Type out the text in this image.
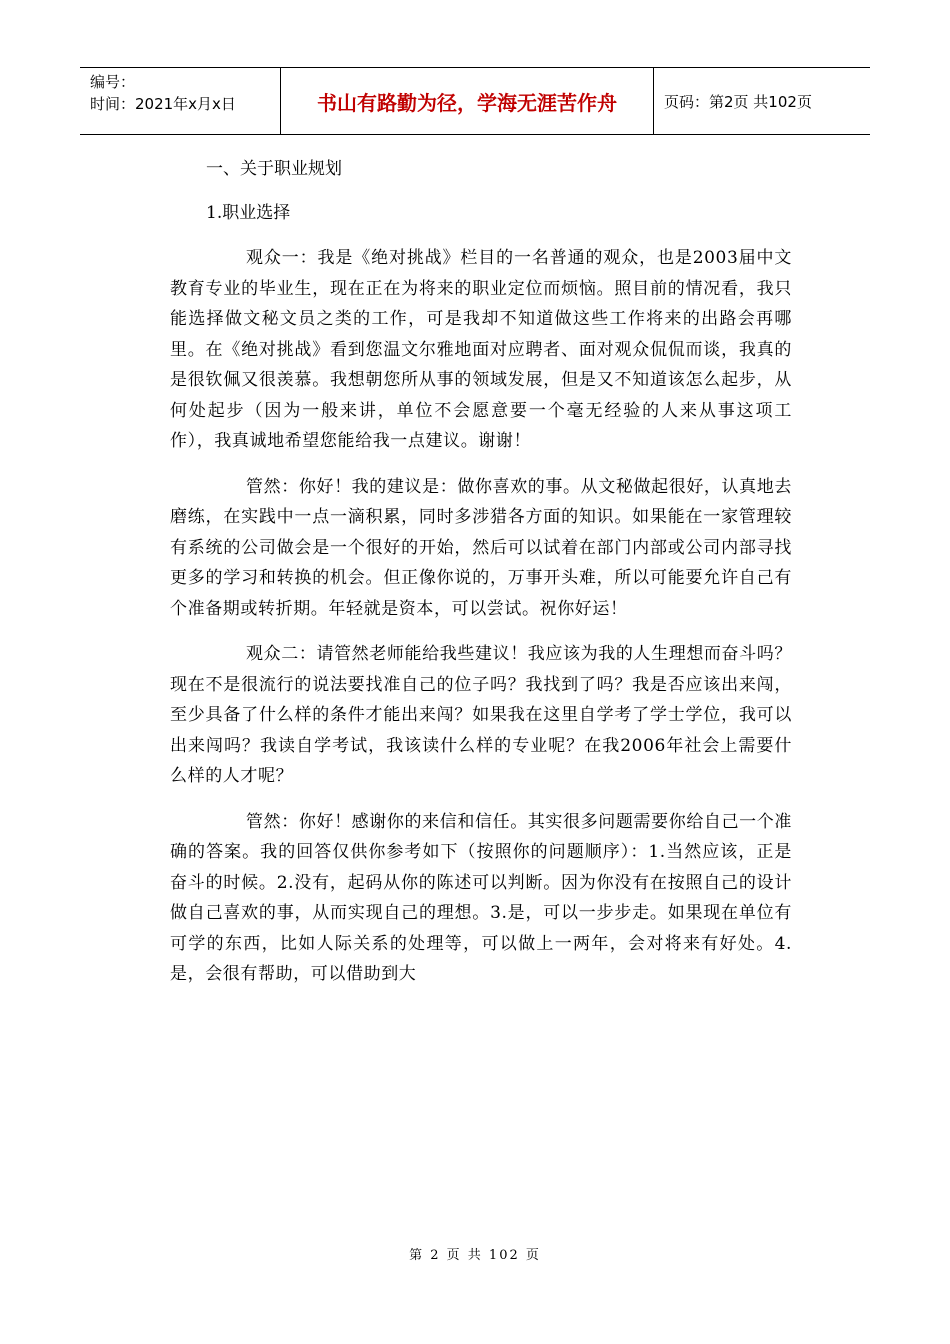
编号：
时间：2021年x月x日	书山有路勤为径，学海无涯苦作舟	页码：第2页 共102页

一、关于职业规划

1.职业选择

观众一：我是《绝对挑战》栏目的一名普通的观众，也是2003届中文教育专业的毕业生，现在正在为将来的职业定位而烦恼。照目前的情况看，我只能选择做文秘文员之类的工作，可是我却不知道做这些工作将来的出路会再哪里。在《绝对挑战》看到您温文尔雅地面对应聘者、面对观众侃侃而谈，我真的是很钦佩又很羡慕。我想朝您所从事的领域发展，但是又不知道该怎么起步，从何处起步（因为一般来讲，单位不会愿意要一个毫无经验的人来从事这项工作），我真诚地希望您能给我一点建议。谢谢！

管然：你好！我的建议是：做你喜欢的事。从文秘做起很好，认真地去磨练，在实践中一点一滴积累，同时多涉猎各方面的知识。如果能在一家管理较有系统的公司做会是一个很好的开始，然后可以试着在部门内部或公司内部寻找更多的学习和转换的机会。但正像你说的，万事开头难，所以可能要允许自己有个准备期或转折期。年轻就是资本，可以尝试。祝你好运！

观众二：请管然老师能给我些建议！我应该为我的人生理想而奋斗吗？现在不是很流行的说法要找准自己的位子吗？我找到了吗？我是否应该出来闯，至少具备了什么样的条件才能出来闯？如果我在这里自学考了学士学位，我可以出来闯吗？我读自学考试，我该读什么样的专业呢？在我2006年社会上需要什么样的人才呢？

管然：你好！感谢你的来信和信任。其实很多问题需要你给自己一个准确的答案。我的回答仅供你参考如下（按照你的问题顺序）：1.当然应该，正是奋斗的时候。2.没有，起码从你的陈述可以判断。因为你没有在按照自己的设计做自己喜欢的事，从而实现自己的理想。3.是，可以一步步走。如果现在单位有可学的东西，比如人际关系的处理等，可以做上一两年，会对将来有好处。4.是，会很有帮助，可以借助到大

第 2 页 共 102 页
